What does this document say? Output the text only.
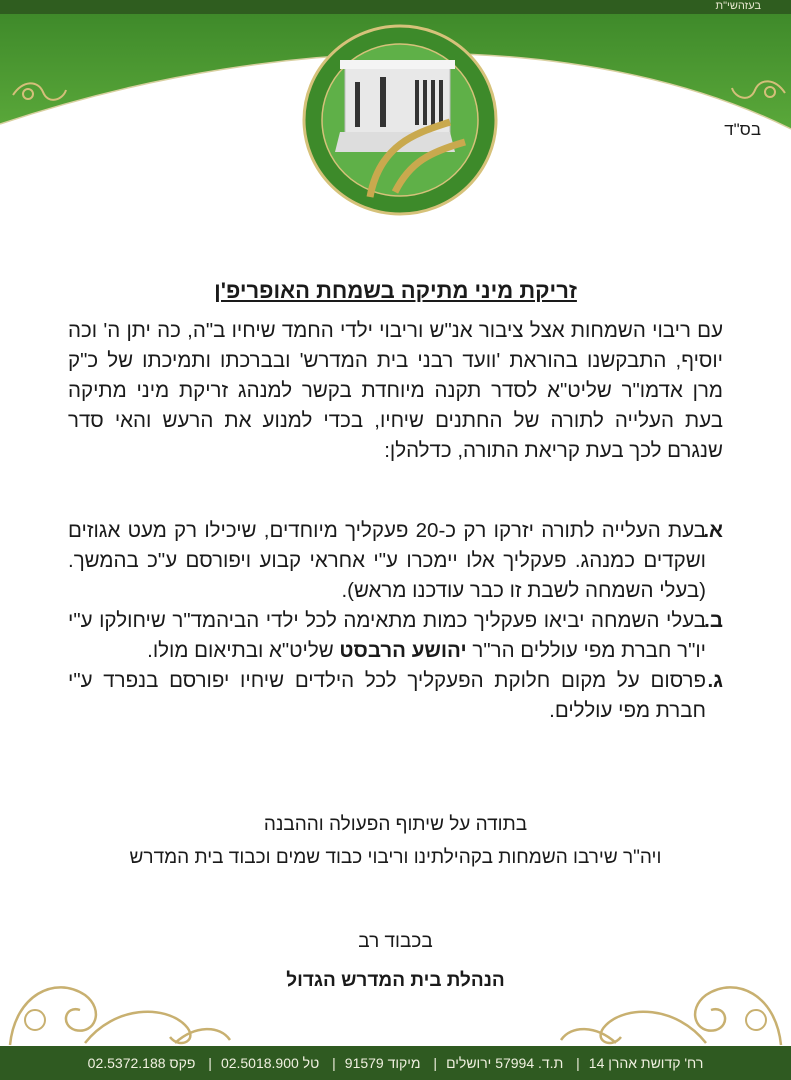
בעזהשי"ת
בס"ד
זריקת מיני מתיקה בשמחת האופריפ'ן
עם ריבוי השמחות אצל ציבור אנ"ש וריבוי ילדי החמד שיחיו ב"ה, כה יתן ה' וכה יוסיף, התבקשנו בהוראת 'וועד רבני בית המדרש' ובברכתו ותמיכתו של כ"ק מרן אדמו"ר שליט"א לסדר תקנה מיוחדת בקשר למנהג זריקת מיני מתיקה בעת העלייה לתורה של החתנים שיחיו, בכדי למנוע את הרעש והאי סדר שנגרם לכך בעת קריאת התורה, כדלהלן:
א.
בעת העלייה לתורה יזרקו רק כ-20 פעקליך מיוחדים, שיכילו רק מעט אגוזים ושקדים כמנהג. פעקליך אלו יימכרו ע"י אחראי קבוע ויפורסם ע"כ בהמשך. (בעלי השמחה לשבת זו כבר עודכנו מראש).
ב.
בעלי השמחה יביאו פעקליך כמות מתאימה לכל ילדי הביהמד"ר שיחולקו ע"י יו"ר חברת מפי עוללים הר"ר יהושע הרבסט שליט"א ובתיאום מולו.
ג.
פרסום על מקום חלוקת הפעקליך לכל הילדים שיחיו יפורסם בנפרד ע"י חברת מפי עוללים.
בתודה על שיתוף הפעולה וההבנה
ויה"ר שירבו השמחות בקהילתינו וריבוי כבוד שמים וכבוד בית המדרש
בכבוד רב
הנהלת בית המדרש הגדול
רח' קדושת אהרן 14| ת.ד. 57994 ירושלים| מיקוד 91579| טל 02.5018.900| פקס 02.5372.188
